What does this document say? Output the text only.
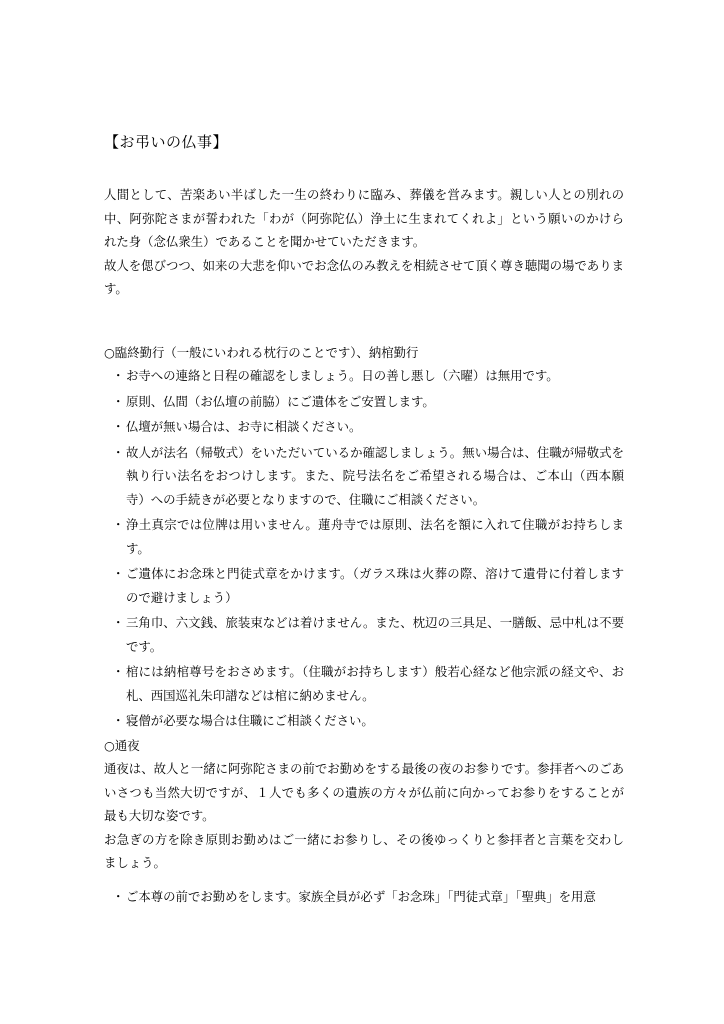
【お弔いの仏事】

人間として、苦楽あい半ばした一生の終わりに臨み、葬儀を営みます。親しい人との別れの中、阿弥陀さまが誓われた「わが（阿弥陀仏）浄土に生まれてくれよ」という願いのかけられた身（念仏衆生）であることを聞かせていただきます。

故人を偲びつつ、如来の大悲を仰いでお念仏のみ教えを相続させて頂く尊き聴聞の場であります。

○臨終勤行（一般にいわれる枕行のことです）、納棺勤行

・ お寺への連絡と日程の確認をしましょう。日の善し悪し（六曜）は無用です。
・ 原則、仏間（お仏壇の前脇）にご遺体をご安置します。
・ 仏壇が無い場合は、お寺に相談ください。
・ 故人が法名（帰敬式）をいただいているか確認しましょう。無い場合は、住職が帰敬式を執り行い法名をおつけします。また、院号法名をご希望される場合は、ご本山（西本願寺）への手続きが必要となりますので、住職にご相談ください。
・ 浄土真宗では位牌は用いません。蓮舟寺では原則、法名を額に入れて住職がお持ちします。
・ ご遺体にお念珠と門徒式章をかけます。（ガラス珠は火葬の際、溶けて遺骨に付着しますので避けましょう）
・ 三角巾、六文銭、旅装束などは着けません。また、枕辺の三具足、一膳飯、忌中札は不要です。
・ 棺には納棺尊号をおさめます。（住職がお持ちします）般若心経など他宗派の経文や、お札、西国巡礼朱印譜などは棺に納めません。
・ 寝僧が必要な場合は住職にご相談ください。

○通夜

通夜は、故人と一緒に阿弥陀さまの前でお勤めをする最後の夜のお参りです。参拝者へのごあいさつも当然大切ですが、１人でも多くの遺族の方々が仏前に向かってお参りをすることが最も大切な姿です。

お急ぎの方を除き原則お勤めはご一緒にお参りし、その後ゆっくりと参拝者と言葉を交わしましょう。

・ ご本尊の前でお勤めをします。家族全員が必ず「お念珠」「門徒式章」「聖典」を用意
